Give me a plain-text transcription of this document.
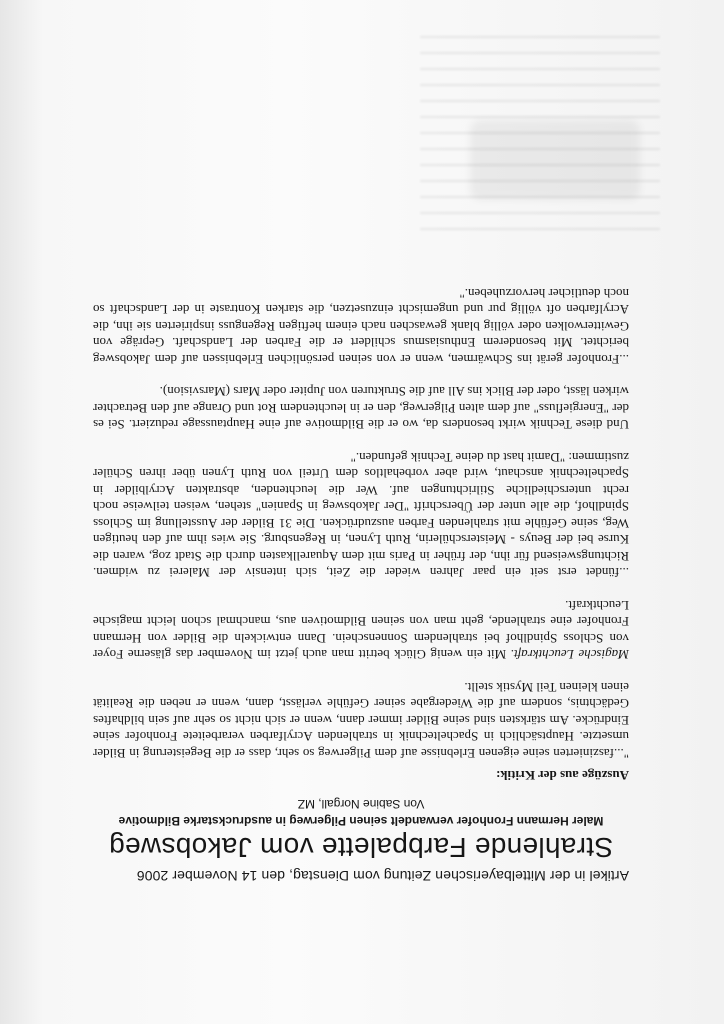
Artikel in der Mittelbayerischen Zeitung vom Dienstag, den 14 November 2006
Strahlende Farbpalette vom Jakobsweg
Maler Hermann Fronhofer verwandelt seinen Pilgerweg in ausdruckstarke Bildmotive
Von Sabine Norgall, MZ
Auszüge aus der Kritik:

"...faszinierten seine eigenen Erlebnisse auf dem Pilgerweg so sehr, dass er die Begeisterung in Bilder umsetzte. Hauptsächlich in Spacheltechnik in strahlenden Acrylfarben verarbeitete Fronhofer seine Eindrücke. Am stärksten sind seine Bilder immer dann, wenn er sich nicht so sehr auf sein bildhaftes Gedächtnis, sondern auf die Wiedergabe seiner Gefühle verlässt, dann, wenn er neben die Realität einen kleinen Teil Mystik stellt.

Magische Leuchtkraft. Mit ein wenig Glück betritt man auch jetzt im November das gläserne Foyer von Schloss Spindlhof bei strahlendem Sonnenschein. Dann entwickeln die Bilder von Hermann Fronhofer eine strahlende, geht man von seinen Bildmotiven aus, manchmal schon leicht magische Leuchtkraft.

...fündet erst seit ein paar Jahren wieder die Zeit, sich intensiv der Malerei zu widmen. Richtungsweisend für ihn, der früher in Paris mit dem Aquarellkasten durch die Stadt zog, waren die Kurse bei der Beuys - Meisterschülerin, Ruth Lynen, in Regensburg. Sie wies ihm auf den heutigen Weg, seine Gefühle mit strahlenden Farben auszudrücken. Die 31 Bilder der Ausstellung im Schloss Spindlhof, die alle unter der Überschrift "Der Jakobsweg in Spanien" stehen, weisen teilweise noch recht unterschiedliche Stilrichtungen auf. Wer die leuchtenden, abstrakten Acrylbilder in Spacheltechnik anschaut, wird aber vorbehaltlos dem Urteil von Ruth Lynen über ihren Schüler zustimmen: "Damit hast du deine Technik gefunden."

Und diese Technik wirkt besonders da, wo er die Bildmotive auf eine Hauptaussage reduziert. Sei es der "Energiefluss" auf dem alten Pilgerweg, den er in leuchtendem Rot und Orange auf den Betrachter wirken lässt, oder der Blick ins All auf die Strukturen von Jupiter oder Mars (Marsvision).

...Fronhofer gerät ins Schwärmen, wenn er von seinen persönlichen Erlebnissen auf dem Jakobsweg berichtet. Mit besonderem Enthusiasmus schildert er die Farben der Landschaft. Gepräge von Gewitterwolken oder völlig blank gewaschen nach einem heftigen Regenguss inspirierten sie ihn, die Acrylfarben oft völlig pur und ungemischt einzusetzen, die starken Kontraste in der Landschaft so noch deutlicher hervorzuheben."
